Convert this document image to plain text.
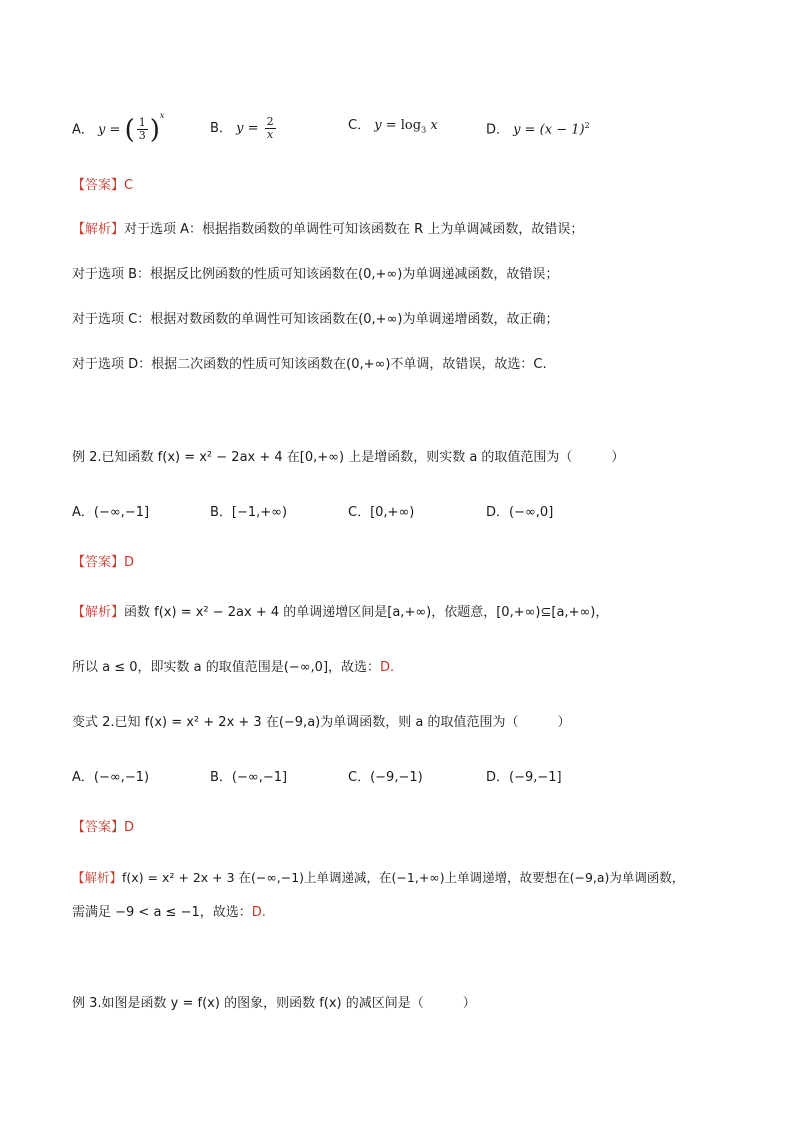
A． y = ( $\frac{1}{3} )^x$
B． $y = \frac{2}{x}$	C． $y = \log_3 x$	D． $y = (x - 1)^2$
【答案】C
【解析】对于选项 A：根据指数函数的单调性可知该函数在 R 上为单调减函数，故错误；
对于选项 B：根据反比例函数的性质可知该函数在(0,+∞)为单调递减函数，故错误；
对于选项 C：根据对数函数的单调性可知该函数在(0,+∞)为单调递增函数，故正确；
对于选项 D：根据二次函数的性质可知该函数在(0,+∞)不单调，故错误，故选：C.
例 2.已知函数 f(x) = x² − 2ax + 4 在[0,+∞) 上是增函数，则实数 a 的取值范围为（　　　）
A．(−∞,−1]	B．[−1,+∞)	C．[0,+∞)	D．(−∞,0]
【答案】D
【解析】函数 f(x) = x² − 2ax + 4 的单调递增区间是[a,+∞)，依题意，[0,+∞)⊆[a,+∞)，
所以 a ≤ 0，即实数 a 的取值范围是(−∞,0]，故选：D.
变式 2.已知 f(x) = x² + 2x + 3 在(−9,a)为单调函数，则 a 的取值范围为（　　　）
A．(−∞,−1)	B．(−∞,−1]	C．(−9,−1)	D．(−9,−1]
【答案】D
【解析】f(x) = x² + 2x + 3 在(−∞,−1)上单调递减，在(−1,+∞)上单调递增，故要想在(−9,a)为单调函数，
需满足 −9 < a ≤ −1，故选：D.
例 3.如图是函数 y = f(x) 的图象，则函数 f(x) 的减区间是（　　　）
